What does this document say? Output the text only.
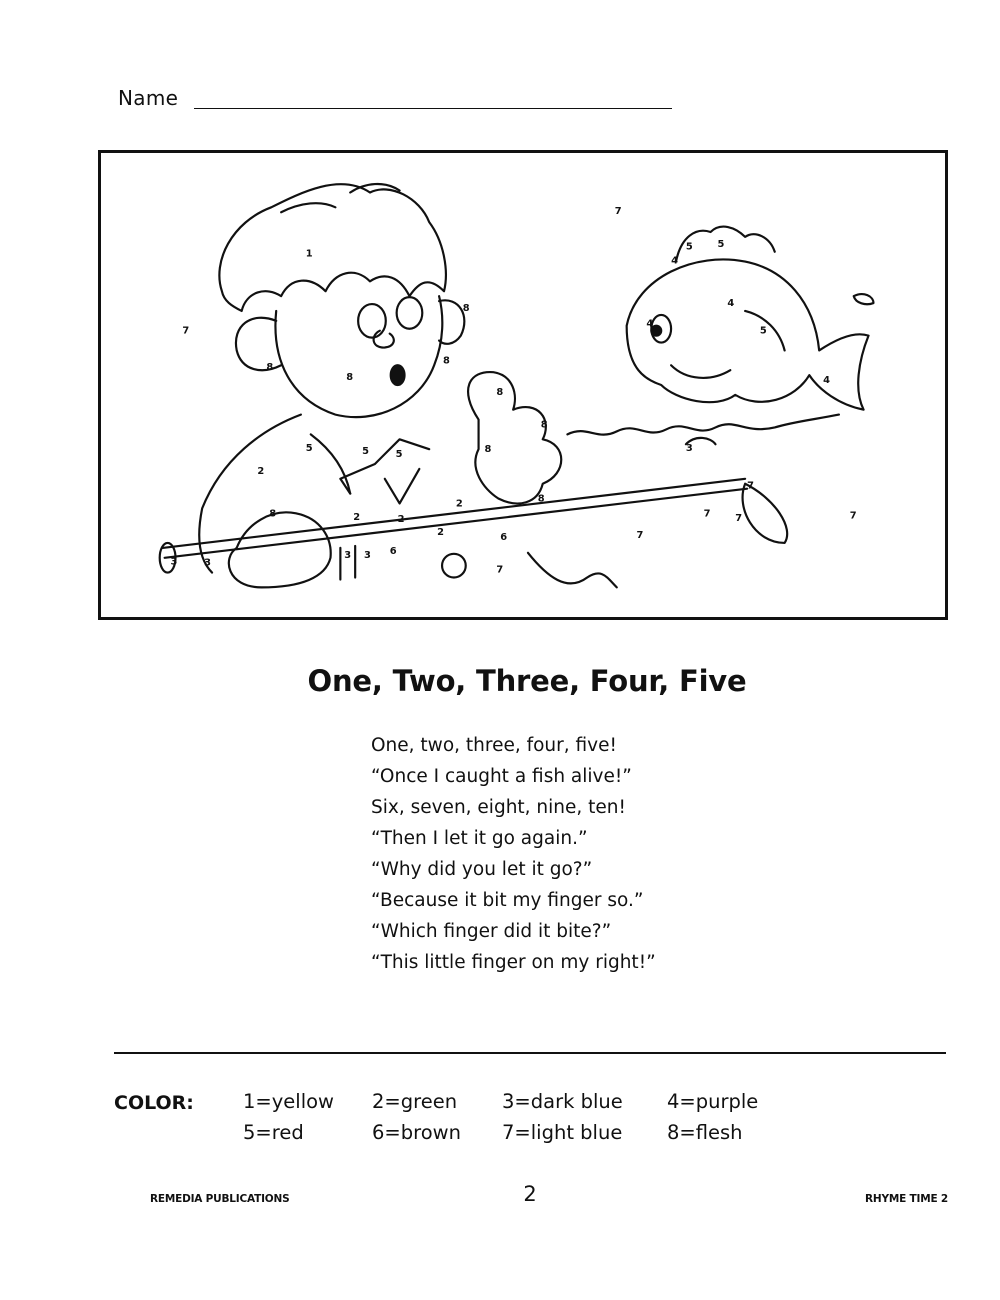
Name
1
7
7
7
8
8
8
8
8
8
8
8
8
5	5	5
5 5
5
4
4
4
4
2
2	2
2
2
3	3
3 3
3
6
6
7
7
7
7
7
One, Two, Three, Four, Five
One, two, three, four, five!
“Once I caught a fish alive!”
Six, seven, eight, nine, ten!
“Then I let it go again.”
“Why did you let it go?”
“Because it bit my finger so.”
“Which finger did it bite?”
“This little finger on my right!”
COLOR:	1=yellow 2=green 3=dark blue 4=purple
5=red	6=brown 7=light blue 8=flesh
REMEDIA PUBLICATIONS	2	RHYME TIME 2
